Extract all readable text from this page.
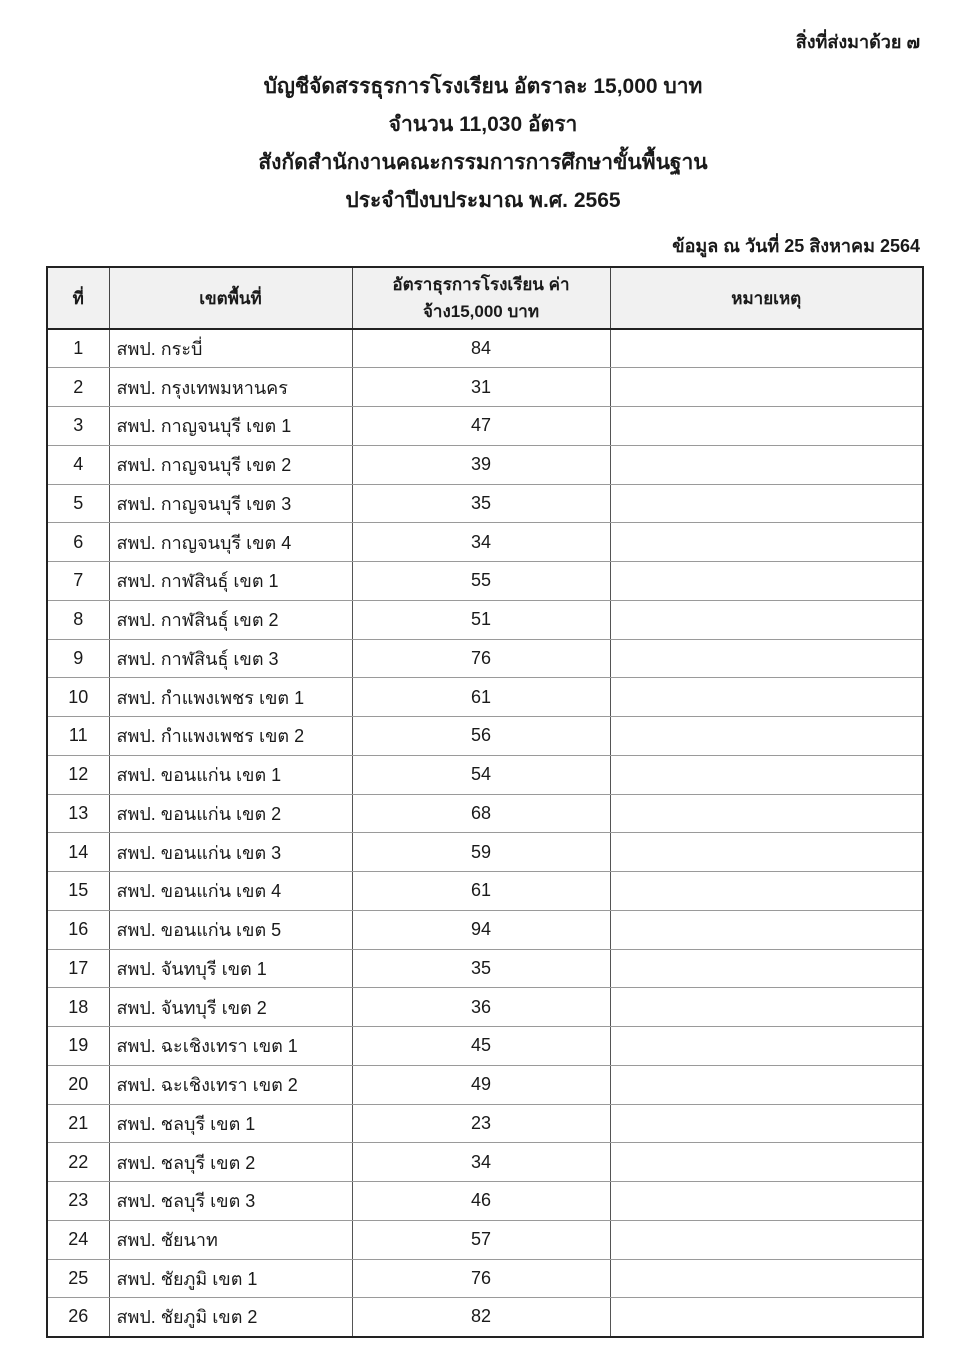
สิ่งที่ส่งมาด้วย ๗
บัญชีจัดสรรธุรการโรงเรียน อัตราละ 15,000 บาท
จำนวน 11,030 อัตรา
สังกัดสำนักงานคณะกรรมการการศึกษาขั้นพื้นฐาน
ประจำปีงบประมาณ พ.ศ. 2565
ข้อมูล ณ วันที่ 25 สิงหาคม 2564
ที่	เขตพื้นที่	อัตราธุรการโรงเรียน ค่าจ้าง15,000 บาท	หมายเหตุ
1	สพป. กระบี่	84	
2	สพป. กรุงเทพมหานคร	31	
3	สพป. กาญจนบุรี เขต 1	47	
4	สพป. กาญจนบุรี เขต 2	39	
5	สพป. กาญจนบุรี เขต 3	35	
6	สพป. กาญจนบุรี เขต 4	34	
7	สพป. กาฬสินธุ์ เขต 1	55	
8	สพป. กาฬสินธุ์ เขต 2	51	
9	สพป. กาฬสินธุ์ เขต 3	76	
10	สพป. กำแพงเพชร เขต 1	61	
11	สพป. กำแพงเพชร เขต 2	56	
12	สพป. ขอนแก่น เขต 1	54	
13	สพป. ขอนแก่น เขต 2	68	
14	สพป. ขอนแก่น เขต 3	59	
15	สพป. ขอนแก่น เขต 4	61	
16	สพป. ขอนแก่น เขต 5	94	
17	สพป. จันทบุรี เขต 1	35	
18	สพป. จันทบุรี เขต 2	36	
19	สพป. ฉะเชิงเทรา เขต 1	45	
20	สพป. ฉะเชิงเทรา เขต 2	49	
21	สพป. ชลบุรี เขต 1	23	
22	สพป. ชลบุรี เขต 2	34	
23	สพป. ชลบุรี เขต 3	46	
24	สพป. ชัยนาท	57	
25	สพป. ชัยภูมิ เขต 1	76	
26	สพป. ชัยภูมิ เขต 2	82	
